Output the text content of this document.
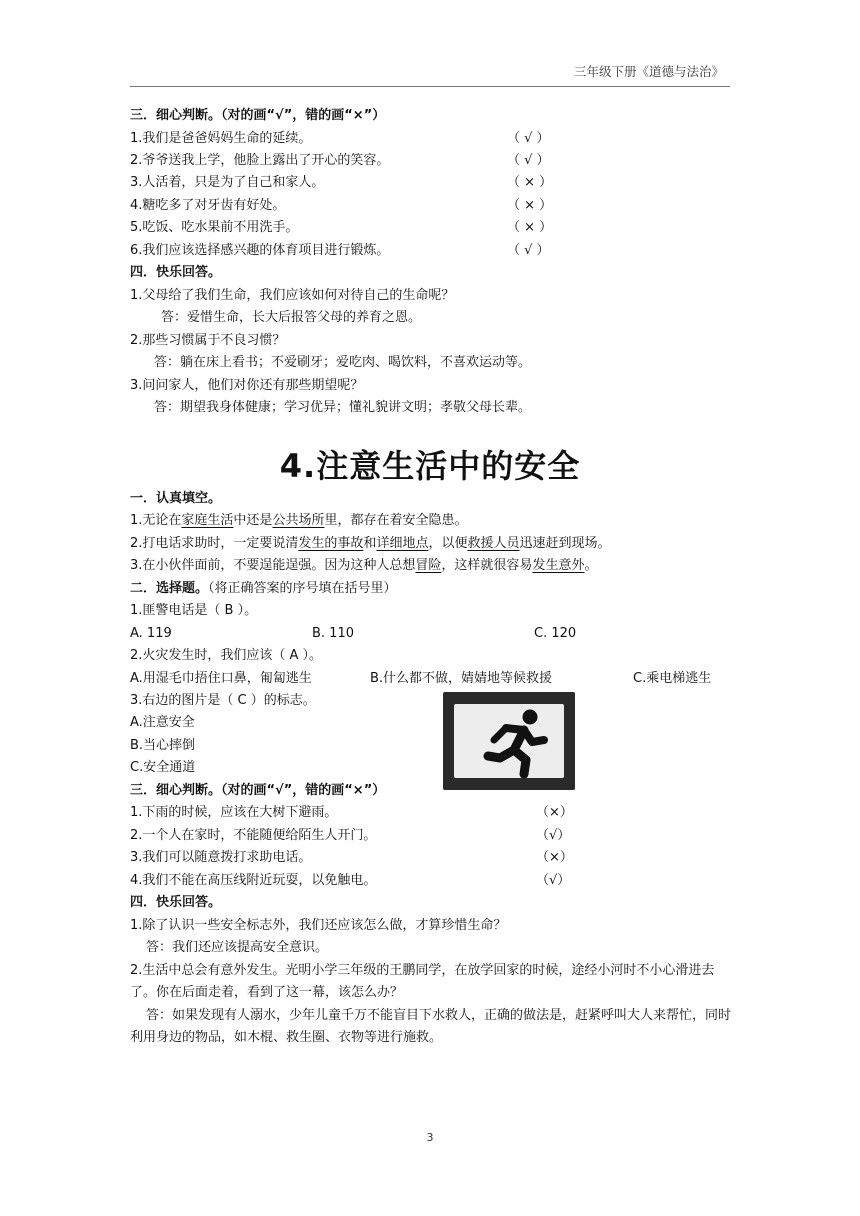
三年级下册《道德与法治》
三．细心判断。（对的画“√”，错的画“×”）
1.我们是爸爸妈妈生命的延续。	（ √ ）
2.爷爷送我上学，他脸上露出了开心的笑容。	（ √ ）
3.人活着，只是为了自己和家人。	（ × ）
4.糖吃多了对牙齿有好处。	（ × ）
5.吃饭、吃水果前不用洗手。	（ × ）
6.我们应该选择感兴趣的体育项目进行锻炼。	（ √ ）
四．快乐回答。
1.父母给了我们生命，我们应该如何对待自己的生命呢？
答：爱惜生命，长大后报答父母的养育之恩。
2.那些习惯属于不良习惯？
答：躺在床上看书；不爱刷牙；爱吃肉、喝饮料，不喜欢运动等。
3.问问家人，他们对你还有那些期望呢？
答：期望我身体健康；学习优异；懂礼貌讲文明；孝敬父母长辈。
4.注意生活中的安全
一．认真填空。
1.无论在家庭生活中还是公共场所里，都存在着安全隐患。
2.打电话求助时，一定要说清发生的事故和详细地点，以便救援人员迅速赶到现场。
3.在小伙伴面前，不要逞能逞强。因为这种人总想冒险，这样就很容易发生意外。
二．选择题。（将正确答案的序号填在括号里）
1.匪警电话是（ B ）。
A. 119	B. 110	C. 120
2.火灾发生时，我们应该（ A ）。
A.用湿毛巾捂住口鼻，匍匐逃生	B.什么都不做，婧婧地等候救援	C.乘电梯逃生
3.右边的图片是（ C ）的标志。
A.注意安全
B.当心摔倒
C.安全通道
三．细心判断。（对的画“√”，错的画“×”）
1.下雨的时候，应该在大树下避雨。	（×）
2.一个人在家时，不能随便给陌生人开门。	（√）
3.我们可以随意拨打求助电话。	（×）
4.我们不能在高压线附近玩耍，以免触电。	（√）
四．快乐回答。
1.除了认识一些安全标志外，我们还应该怎么做，才算珍惜生命？
答：我们还应该提高安全意识。
2.生活中总会有意外发生。光明小学三年级的王鹏同学，在放学回家的时候，途经小河时不小心滑进去了。你在后面走着，看到了这一幕，该怎么办？
答：如果发现有人溺水，少年儿童千万不能盲目下水救人，正确的做法是，赶紧呼叫大人来帮忙，同时利用身边的物品，如木棍、救生圈、衣物等进行施救。
3
